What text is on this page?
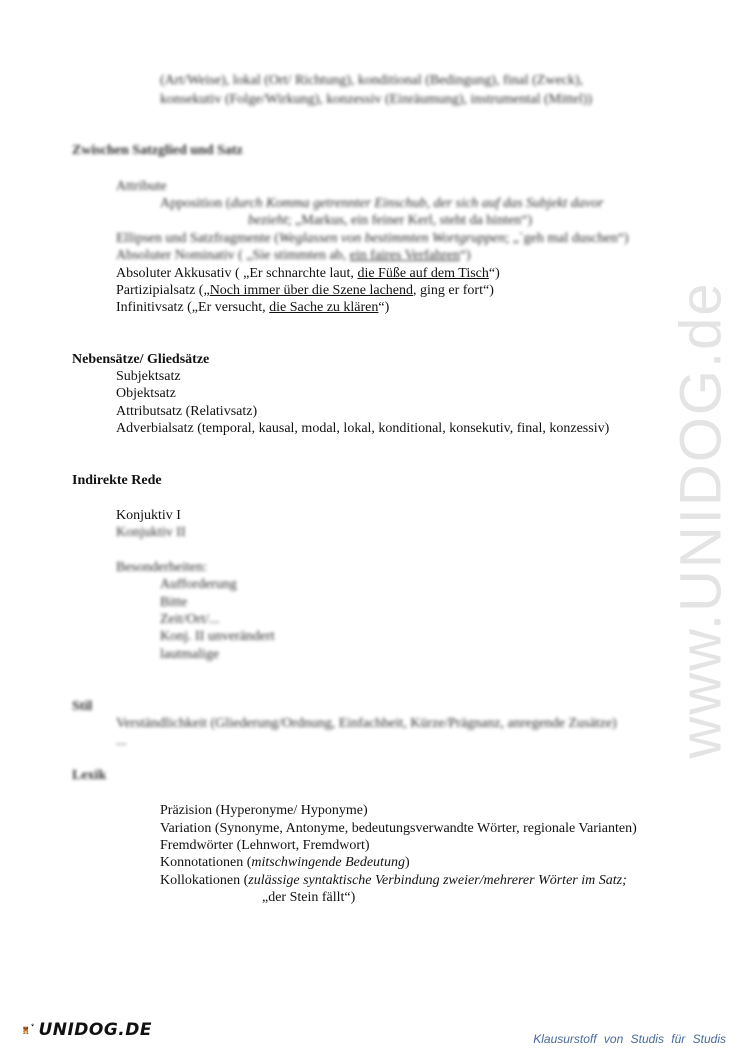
www.UNIDOG.de
(Art/Weise), lokal (Ort/ Richtung), konditional (Bedingung), final (Zweck),
konsekutiv (Folge/Wirkung), konzessiv (Einräumung), instrumental (Mittel))
Zwischen Satzglied und Satz
Attribute
Apposition (durch Komma getrennter Einschub, der sich auf das Subjekt davor
bezieht; „Markus, ein feiner Kerl, steht da hinten“)
Ellipsen und Satzfragmente (Weglassen von bestimmten Wortgruppen; „`geh mal duschen“)
Absoluter Nominativ ( „Sie stimmten ab, ein faires Verfahren“)
Absoluter Akkusativ ( „Er schnarchte laut, die Füße auf dem Tisch“)
Partizipialsatz („Noch immer über die Szene lachend, ging er fort“)
Infinitivsatz („Er versucht, die Sache zu klären“)
Nebensätze/ Gliedsätze
Subjektsatz
Objektsatz
Attributsatz (Relativsatz)
Adverbialsatz (temporal, kausal, modal, lokal, konditional, konsekutiv, final, konzessiv)
Indirekte Rede
Konjuktiv I
Konjuktiv II
Besonderheiten:
Aufforderung
Bitte
Zeit/Ort/...
Konj. II unverändert
lautmalige
Stil
Verständlichkeit (Gliederung/Ordnung, Einfachheit, Kürze/Prägnanz, anregende Zusätze)
...
Lexik
Präzision (Hyperonyme/ Hyponyme)
Variation (Synonyme, Antonyme, bedeutungsverwandte Wörter, regionale Varianten)
Fremdwörter (Lehnwort, Fremdwort)
Konnotationen (mitschwingende Bedeutung)
Kollokationen (zulässige syntaktische Verbindung zweier/mehrerer Wörter im Satz;
„der Stein fällt“)
UNIDOG.DE	Klausurstoff von Studis für Studis
